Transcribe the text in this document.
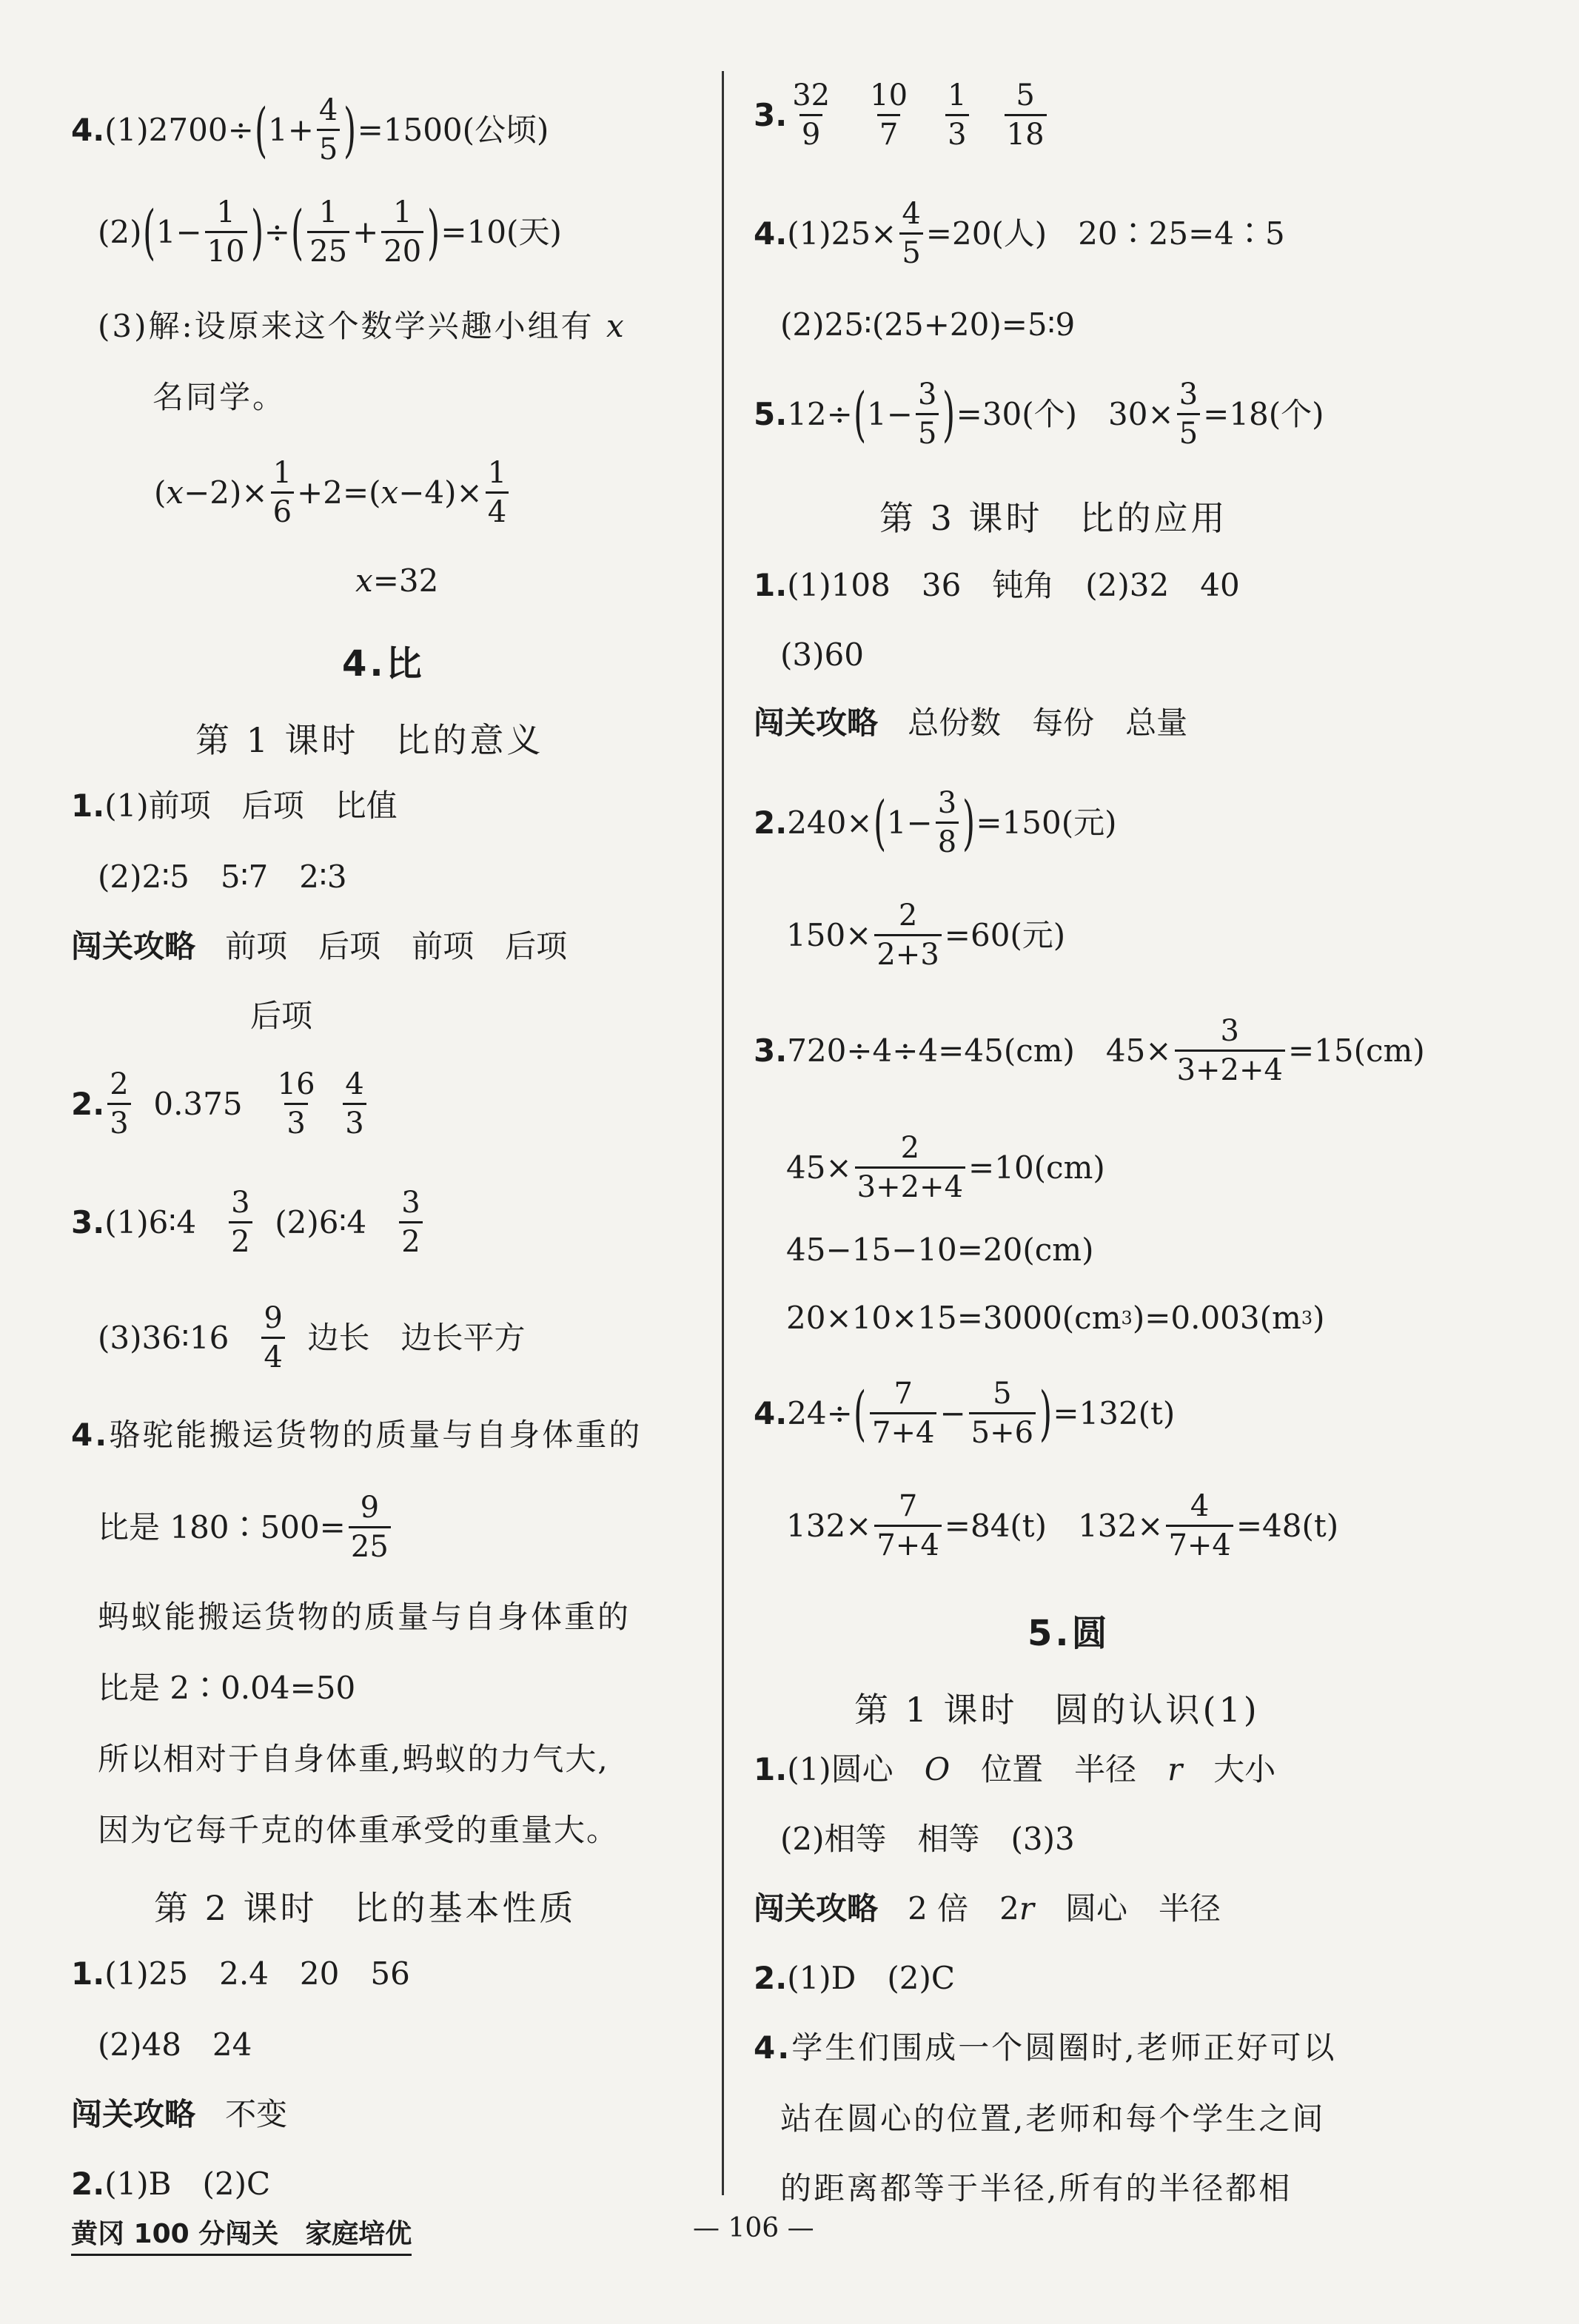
4. (1)2700÷ ( $1+ \frac{4}{5}$ ) =1500(公顷)
(2) ( $1- \frac{1}{10}$ ) ÷ ( 1
25
+ $\frac{1}{20}$ ) =10(天)
(3)解:设原来这个数学兴趣小组有
x
名同学。
( $x -2)\times \frac{1}{6} +2=$( $x -4)\times \frac{1}{4}$
x =32
4.比
第 1 课时　比的意义
1. (1)前项　后项　比值
(2)2∶5　5∶7　2∶3
闯关攻略
前项　后项　前项　后项
后项
2.
2
3

0.375

16
3

4
3
3. (1)6∶4

3
2

(2)6∶4

3
2
(3)36∶16

9
4

边长　边长平方
4. 骆驼能搬运货物的质量与自身体重的
比是 180∶500= $\frac{9}{25}$
蚂蚁能搬运货物的质量与自身体重的
比是 2∶0.04=50
所以相对于自身体重,蚂蚁的力气大,
因为它每千克的体重承受的重量大。
第 2 课时　比的基本性质
1. (1)25　2.4　20　56
(2)48　24
闯关攻略
不变
2. (1)B　(2)C
3.
32
9

10
7

1
3

5
18
4. $(1)25\times \frac{4}{5} =20$(人)　20∶25=4∶5
(2)25∶(25+20)=5∶9
5. 12÷ ( $1- \frac{3}{5}$ ) =30(个)　$30\times \frac{3}{5} =18$(个)
第 3 课时　比的应用
1. (1)108　36　钝角　(2)32　40
(3)60
闯关攻略
总份数　每份　总量
2. 240× ( $1- \frac{3}{8}$ ) =150(元)
$150\times \frac{2}{2+3} =60$(元)
3. 720÷4÷4=45(cm)　$45\times \frac{3}{3+2+4} =15(cm)$
$45\times \frac{2}{3+2+4} =10(cm)$
45−15−10=20(cm)
20×10×15=3000(cm 3 )=0.003(m 3 )
4. 24÷ ( 7
7+4
− $\frac{5}{5+6}$ ) =132(t)
$132\times \frac{7}{7+4} =84(t)$　$132\times \frac{4}{7+4} =48(t)$
5.圆
第 1 课时　圆的认识(1)
1. (1)圆心　 O 　位置　半径　 r 　大小
(2)相等　相等　(3)3
闯关攻略
2 倍　2 r 　圆心　半径
2. (1)D　(2)C
4. 学生们围成一个圆圈时,老师正好可以
站在圆心的位置,老师和每个学生之间
的距离都等于半径,所有的半径都相
黄冈 100 分闯关　家庭培优	— 106 —
